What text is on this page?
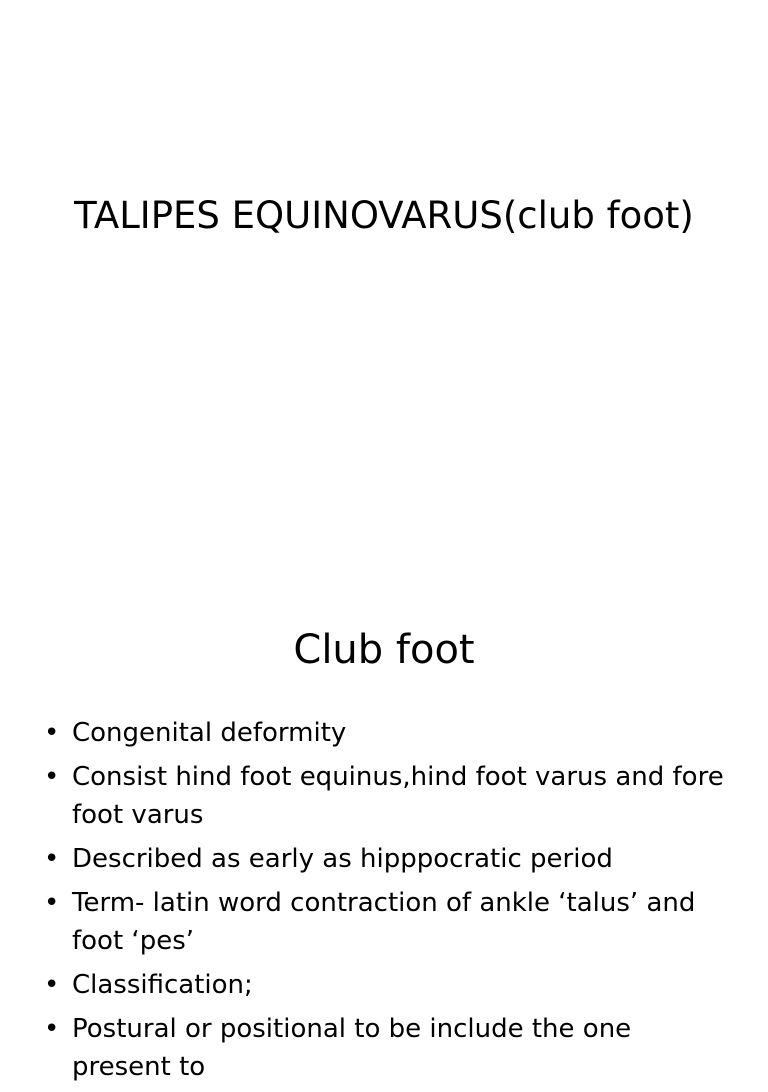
TALIPES EQUINOVARUS(club foot)
Club foot
• Congenital deformity
• Consist hind foot equinus,hind foot varus and fore foot varus
• Described as early as hipppocratic period
• Term- latin word contraction of ankle ‘talus’ and foot ‘pes’
• Classification;
• Postural or positional to be include the one present to
